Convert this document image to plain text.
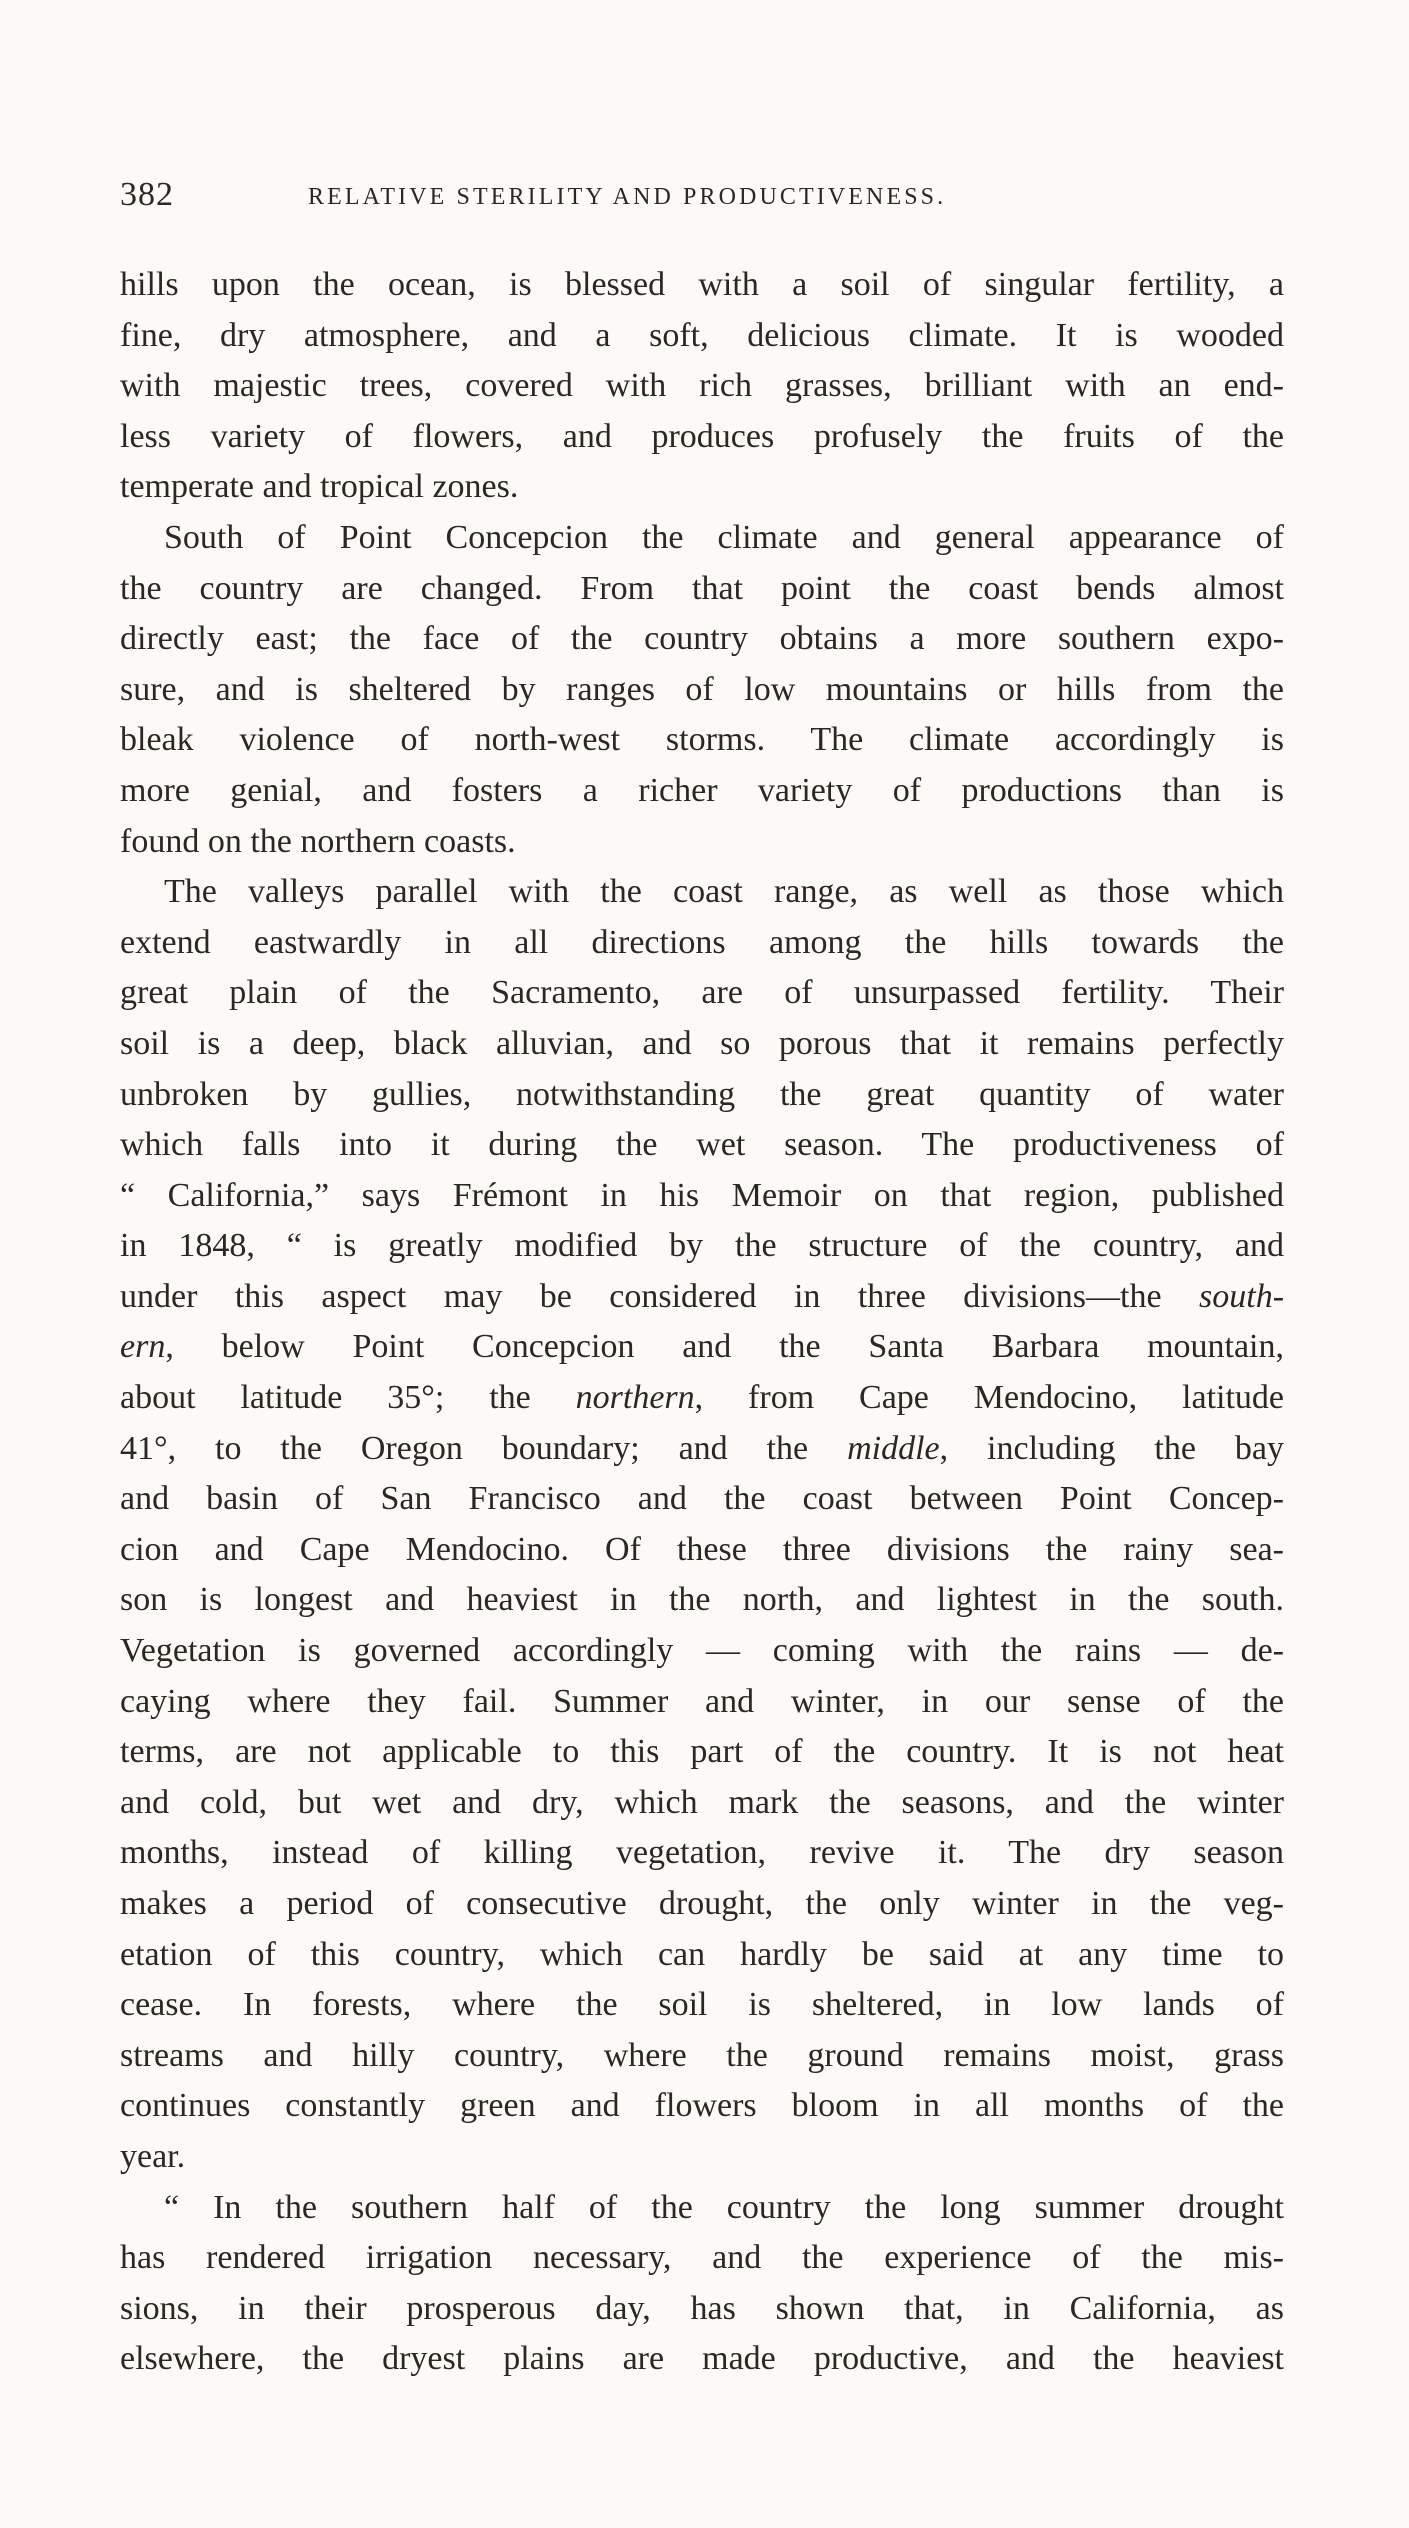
382	RELATIVE STERILITY AND PRODUCTIVENESS.
hills upon the ocean, is blessed with a soil of singular fertility, a
fine, dry atmosphere, and a soft, delicious climate. It is wooded
with majestic trees, covered with rich grasses, brilliant with an end-
less variety of flowers, and produces profusely the fruits of the
temperate and tropical zones.
South of Point Concepcion the climate and general appearance of
the country are changed. From that point the coast bends almost
directly east; the face of the country obtains a more southern expo-
sure, and is sheltered by ranges of low mountains or hills from the
bleak violence of north-west storms. The climate accordingly is
more genial, and fosters a richer variety of productions than is
found on the northern coasts.
The valleys parallel with the coast range, as well as those which
extend eastwardly in all directions among the hills towards the
great plain of the Sacramento, are of unsurpassed fertility. Their
soil is a deep, black alluvian, and so porous that it remains perfectly
unbroken by gullies, notwithstanding the great quantity of water
which falls into it during the wet season. The productiveness of
“ California,” says Frémont in his Memoir on that region, published
in 1848, “ is greatly modified by the structure of the country, and
under this aspect may be considered in three divisions—the south-
ern, below Point Concepcion and the Santa Barbara mountain,
about latitude 35°; the northern, from Cape Mendocino, latitude
41°, to the Oregon boundary; and the middle, including the bay
and basin of San Francisco and the coast between Point Concep-
cion and Cape Mendocino. Of these three divisions the rainy sea-
son is longest and heaviest in the north, and lightest in the south.
Vegetation is governed accordingly — coming with the rains — de-
caying where they fail. Summer and winter, in our sense of the
terms, are not applicable to this part of the country. It is not heat
and cold, but wet and dry, which mark the seasons, and the winter
months, instead of killing vegetation, revive it. The dry season
makes a period of consecutive drought, the only winter in the veg-
etation of this country, which can hardly be said at any time to
cease. In forests, where the soil is sheltered, in low lands of
streams and hilly country, where the ground remains moist, grass
continues constantly green and flowers bloom in all months of the
year.
“ In the southern half of the country the long summer drought
has rendered irrigation necessary, and the experience of the mis-
sions, in their prosperous day, has shown that, in California, as
elsewhere, the dryest plains are made productive, and the heaviest
